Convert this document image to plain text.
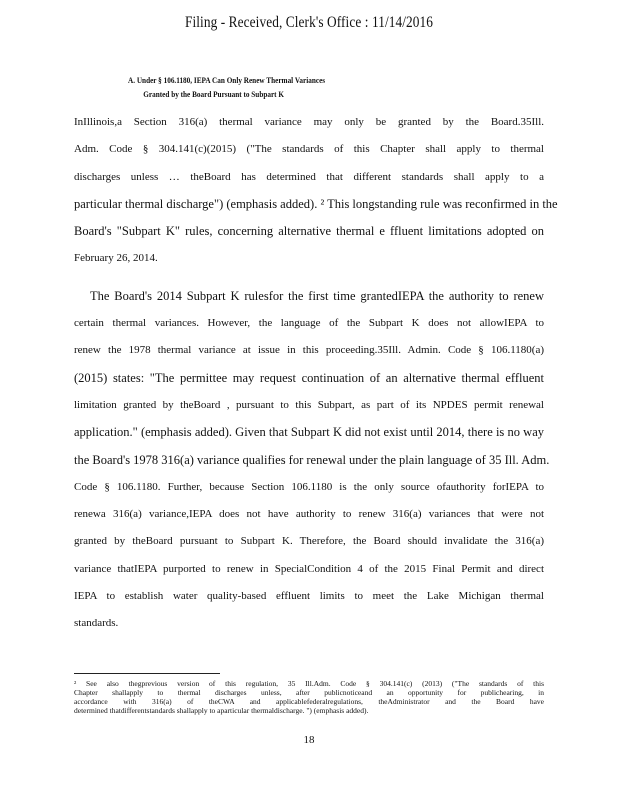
Filing - Received, Clerk's Office : 11/14/2016
A. Under § 106.1180, IEPA Can Only Renew Thermal Variances
Granted by the Board Pursuant to Subpart K
InIllinois,a Section 316(a) thermal variance may only be granted by the Board.35Ill.
Adm. Code § 304.141(c)(2015) ("The standards of this Chapter shall apply to thermal
discharges unless … theBoard has determined that different standards shall apply to a
particular thermal discharge") (emphasis added). ² This longstanding rule was reconfirmed in the
Board's "Subpart K" rules, concerning alternative thermal e ffluent limitations adopted on
February 26, 2014.
The Board's 2014 Subpart K rulesfor the first time grantedIEPA the authority to renew
certain thermal variances. However, the language of the Subpart K does not allowIEPA to
renew the 1978 thermal variance at issue in this proceeding.35Ill. Admin. Code § 106.1180(a)
(2015) states: "The permittee may request continuation of an alternative thermal effluent
limitation granted by theBoard , pursuant to this Subpart, as part of its NPDES permit renewal
application." (emphasis added). Given that Subpart K did not exist until 2014, there is no way
the Board's 1978 316(a) variance qualifies for renewal under the plain language of 35 Ill. Adm.
Code § 106.1180. Further, because Section 106.1180 is the only source ofauthority forIEPA to
renewa 316(a) variance,IEPA does not have authority to renew 316(a) variances that were not
granted by theBoard pursuant to Subpart K. Therefore, the Board should invalidate the 316(a)
variance thatIEPA purported to renew in SpecialCondition 4 of the 2015 Final Permit and direct
IEPA to establish water quality-based effluent limits to meet the Lake Michigan thermal
standards.
² See also thegprevious version of this regulation, 35 Ill.Adm. Code § 304.141(c) (2013) ("The standards of this
Chapter shallapply to thermal discharges unless, after publicnoticeand an opportunity for publichearing, in
accordance with 316(a) of theCWA and applicablefederalregulations, theAdministrator and the Board have
determined thatdifferentstandards shallapply to aparticular thermaldischarge. ") (emphasis added).
18
